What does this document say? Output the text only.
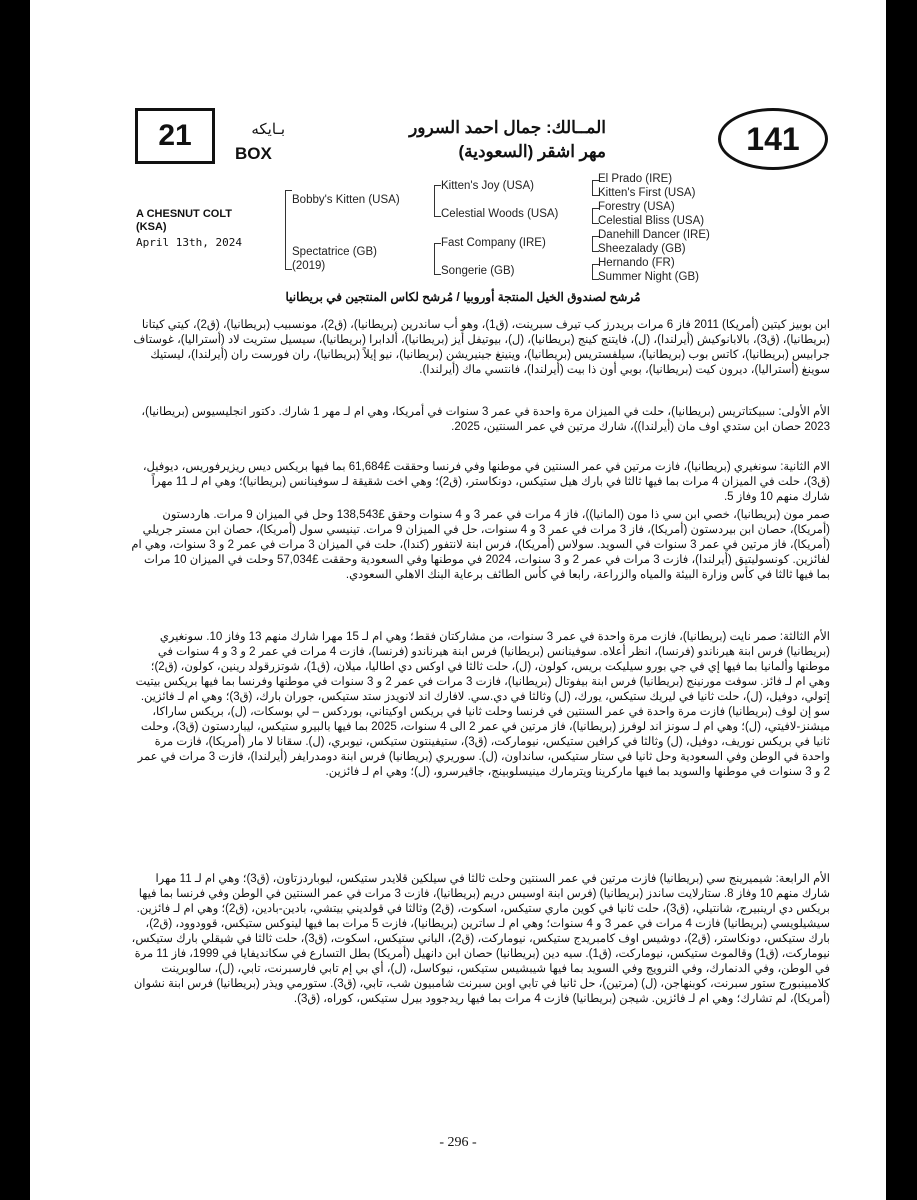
21	بـايكه
BOX
المــالك: جمال احمد السرور
مهر اشقر (السعودية)	141
A CHESNUT COLT
(KSA)
April 13th, 2024
Bobby's Kitten (USA)
Spectatrice (GB)
(2019)
Kitten's Joy (USA)
Celestial Woods (USA)
Fast Company (IRE)
Songerie (GB)
El Prado (IRE)
Kitten's First (USA)
Forestry (USA)
Celestial Bliss (USA)
Danehill Dancer (IRE)
Sheezalady (GB)
Hernando (FR)
Summer Night (GB)
مُرشح لصندوق الخيل المنتجة أوروبيا / مُرشح لكاس المنتجين في بريطانيا
ابن بوبيز كيتين (أمريكا) 2011 فاز 6 مرات بريدرز كب تيرف سبرينت، (ق1)، وهو أب ساندرين (بريطانيا)، (ق2)، مونسبيب (بريطانيا)، (ق2)، كيتي كيتانا (بريطانيا)، (ق3)، بالابانوكيش (أيرلندا)، (ل)، فايتنج كينج (بريطانيا)، (ل)، بيوتيفل أيز (بريطانيا)، ألدابرا (بريطانيا)، سيسيل ستريت لاد (أستراليا)، غوستاف جرابيس (بريطانيا)، كاتس بوب (بريطانيا)، سيلفستريس (بريطانيا)، وينينغ جينيريشن (بريطانيا)، نيو إيلاً (بريطانيا)، ران فورست ران (أيرلندا)، ليستيك سوينغ (أستراليا)، ديرون كيت (بريطانيا)، بوبي أون ذا بيت (أيرلندا)، فانتسي ماك (أيرلندا).
الأم الأولى: سبيكتاتريس (بريطانيا)، حلت في الميزان مرة واحدة في عمر 3 سنوات في أمريكا، وهي ام لـ مهر 1 شارك. دكتور انجليسيوس (بريطانيا)، 2023 حصان ابن ستدي اوف مان (أيرلندا))، شارك مرتين في عمر السنتين، 2025.
الام الثانية: سونغيري (بريطانيا)، فازت مرتين في عمر السنتين في موطنها وفي فرنسا وحققت £61,684 بما فيها بريكس ديس ريزيرفوريس، ديوفيل، (ق3)، حلت في الميزان 4 مرات بما فيها ثالثا في بارك هيل ستيكس، دونكاستر، (ق2)؛ وهي اخت شقيقة لـ سوفينانس (بريطانيا)؛ وهي ام لـ 11 مهراً شارك منهم 10 وفاز 5.
صمر مون (بريطانيا)، خصي ابن سي ذا مون (المانيا))، فاز 4 مرات في عمر 3 و 4 سنوات وحقق £138,543 وحل في الميزان 9 مرات. هاردستون (أمريكا)، حصان ابن بيردستون (أمريكا)، فاز 3 مرات في عمر 3 و 4 سنوات، حل في الميزان 9 مرات. تينيسي سول (أمريكا)، حصان ابن مستر جريلي (أمريكا)، فاز مرتين في عمر 3 سنوات في السويد. سولاس (أمريكا)، فرس ابنة لانتفور (كندا)، حلت في الميزان 3 مرات في عمر 2 و 3 سنوات، وهي ام لفائزين. كونسوليتيق (أيرلندا)، فازت 3 مرات في عمر 2 و 3 سنوات، 2024 في موطنها وفي السعودية وحققت £57,034 وحلت في الميزان 10 مرات بما فيها ثالثا في كأس وزارة البيئة والمياه والزراعة، رابعا في كأس الطائف برعاية البنك الاهلي السعودي.
الأم الثالثة: صمر نايت (بريطانيا)، فازت مرة واحدة في عمر 3 سنوات، من مشاركتان فقط؛ وهي ام لـ 15 مهرا شارك منهم 13 وفاز 10. سونغيري (بريطانيا) فرس ابنة هيرناندو (فرنسا)، انظر أعلاه. سوفينانس (بريطانيا) فرس ابنة هيرناندو (فرنسا)، فازت 4 مرات في عمر 2 و 3 و 4 سنوات في موطنها وألمانيا بما فيها إي في جي بورو سيليكت بريس، كولون، (ل)، حلت ثالثا في اوكس دي اطاليا، ميلان، (ق1)، شوتزرقولد رينين، كولون، (ق2)؛ وهي ام لـ فائز. سوفت مورنينج (بريطانيا) فرس ابنة بيفوتال (بريطانيا)، فازت 3 مرات في عمر 2 و 3 سنوات في موطنها وفرنسا بما فيها بريكس بيتيت إتولي، دوفيل، (ل)، حلت ثانيا في ليريك ستيكس، يورك، (ل) وثالثا في دي.سي. لافارك اند لانويدز ستد ستيكس، جوران بارك، (ق3)؛ وهي ام لـ فائزين. سو إن لوف (بريطانيا) فازت مرة واحدة في عمر السنتين في فرنسا وحلت ثانيا في بريكس اوكيتاني، بوردكس – لي بوسكات، (ل)، بريكس ساراكا، ميشنز-لافيتي، (ل)؛ وهي ام لـ سونز اند لوفرز (بريطانيا)، فاز مرتين في عمر 2 الى 4 سنوات، 2025 بما فيها بالبيرو ستيكس، ليباردستون (ق3)، وحلت ثانيا في بريكس نوريف، دوفيل، (ل) وثالثا في كرافين ستيكس، نيوماركت، (ق3)، ستيفينتون ستيكس، نيوبري، (ل). سقانا لا مار (أمريكا)، فازت مرة واحدة في الوطن وفي السعودية وحل ثانيا في ستار ستيكس، سانداون، (ل). سوريري (بريطانيا) فرس ابنة دومدرايفر (أيرلندا)، فازت 3 مرات في عمر 2 و 3 سنوات في موطنها والسويد بما فيها ماركرينا ويترمارك مينيسلوبينج، جاقيرسرو، (ل)؛ وهي ام لـ فائزين.
الأم الرابعة: شيميرينج سي (بريطانيا) فازت مرتين في عمر السنتين وحلت ثالثا في سيلكين قلايدر ستيكس، ليوباردزتاون، (ق3)؛ وهي ام لـ 11 مهرا شارك منهم 10 وفاز 8. ستارلايت ساندز (بريطانيا) (فرس ابنة اوسيس دريم (بريطانيا)، فازت 3 مرات في عمر السنتين في الوطن وفي فرنسا بما فيها بريكس دي ارينبيرج، شانتيلي، (ق3)، حلت ثانيا في كوين ماري ستيكس، اسكوت، (ق2) وثالثا في قولديني بيتشي، بادين-بادين، (ق2)؛ وهي ام لـ فائزين. سيشيلويسي (بريطانيا) فازت 4 مرات في عمر 3 و 4 سنوات؛ وهي ام لـ ساترين (بريطانيا)، فازت 5 مرات بما فيها لينوكس ستيكس، قوودوود، (ق2)، بارك ستيكس، دونكاستر، (ق2)، دوشيس اوف كامبريدج ستيكس، نيوماركت، (ق2)، الباني ستيكس، اسكوت، (ق3)، حلت ثالثا في شيقلي بارك ستيكس، نيوماركت، (ق1) وقالموث ستيكس، نيوماركت، (ق1). سيه دين (بريطانيا) حصان ابن دانهيل (أمريكا) بطل التسارع في سكانديفايا في 1999، فاز 11 مرة في الوطن، وفي الدنمارك، وفي النرويج وفي السويد بما فيها شيبشيس ستيكس، نيوكاسل، (ل)، أي بي إم تابي فارسبرنت، تابي، (ل)، سالوبرينت كلامبينبورج ستور سبرنت، كوبنهاجن، (ل) (مرتين)، حل ثانيا في تابي اوبن سبرنت شامبيون شب، تابي، (ق3). ستورمي ويذر (بريطانيا) فرس ابنة نشوان (أمريكا)، لم تشارك؛ وهي ام لـ فائزين. شيجن (بريطانيا) فازت 4 مرات بما فيها ريدجوود بيرل ستيكس، كوراه، (ق3).
- 296 -
